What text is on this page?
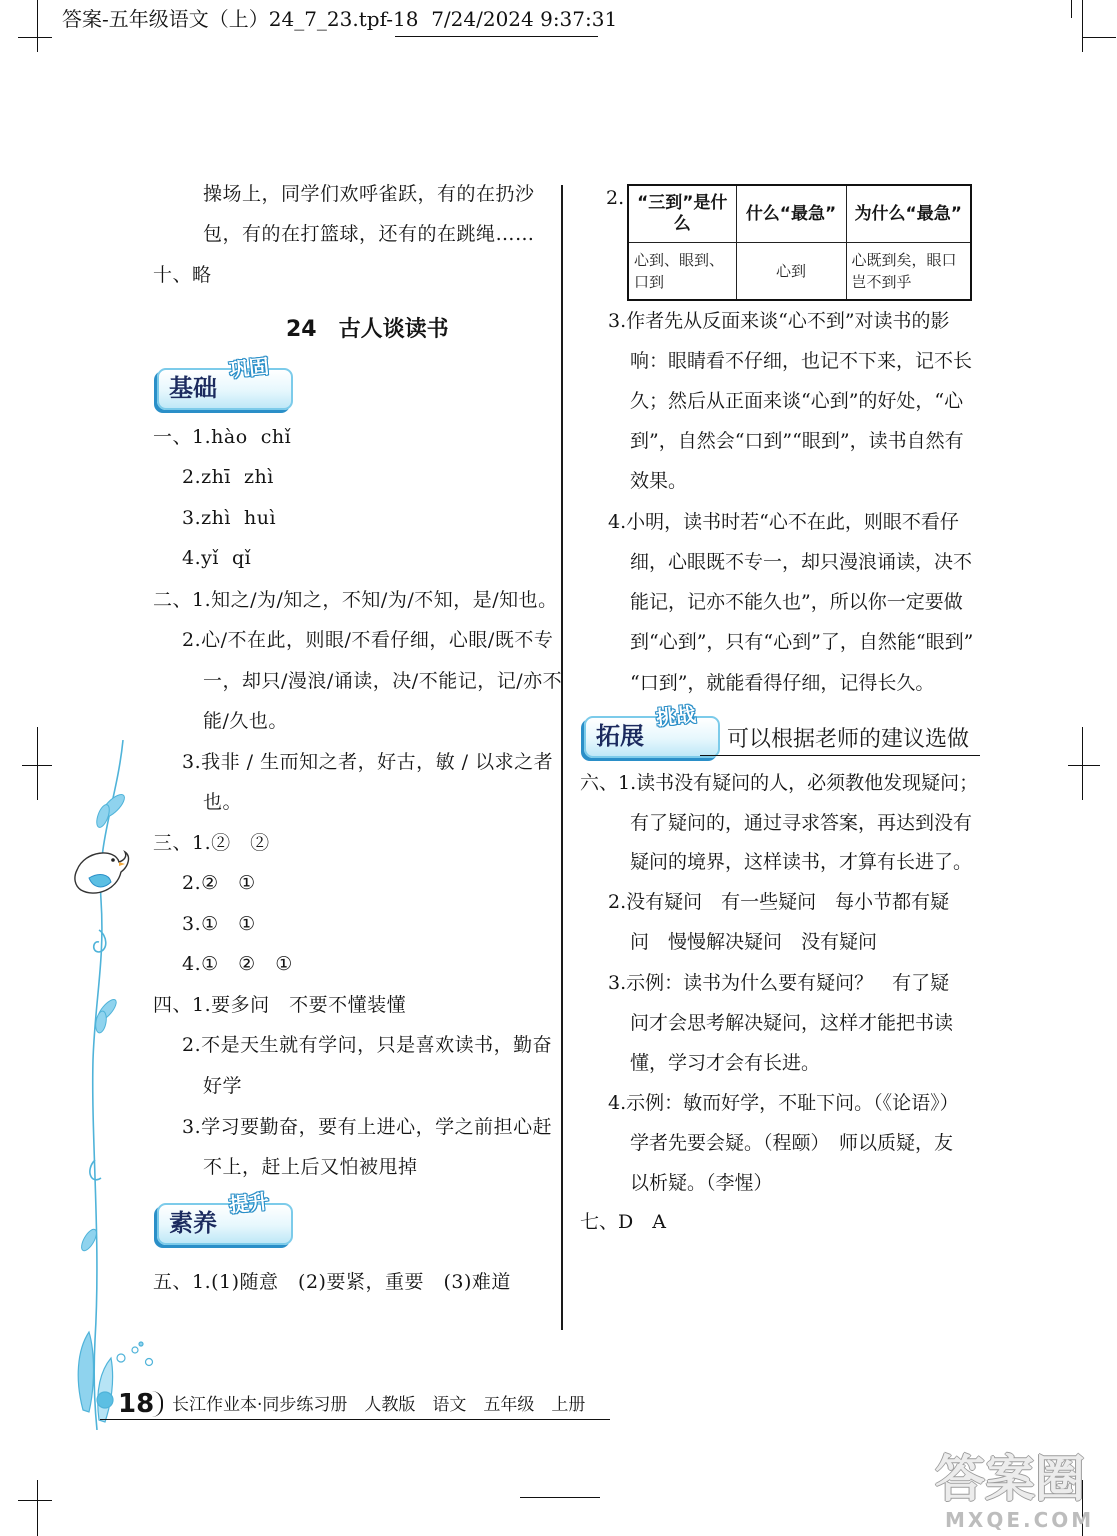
答案-五年级语文（上）24_7_23.tpf-18  7/24/2024 9:37:31
操场上，同学们欢呼雀跃，有的在扔沙
包，有的在打篮球，还有的在跳绳……
十、略
24　古人谈读书
基础
巩固
一、1.hào  chǐ
2.zhī  zhì
3.zhì  huì
4.yǐ  qǐ
二、1.知之/为/知之，不知/为/不知，是/知也。
2.心/不在此，则眼/不看仔细，心眼/既不专
一，却只/漫浪/诵读，决/不能记，记/亦不
能/久也。
3.我非 / 生而知之者，好古，敏 / 以求之者
也。
三、1.②　②
2.②　①
3.①　①
4.①　②　①
四、1.要多问　不要不懂装懂
2.不是天生就有学问，只是喜欢读书，勤奋
好学
3.学习要勤奋，要有上进心，学之前担心赶
不上，赶上后又怕被甩掉
素养
提升
五、1.(1)随意　(2)要紧，重要　(3)难道
2. “三到”是什么	什么“最急”	为什么“最急”
心到、眼到、口到	心到	心既到矣，眼口岂不到乎
3.作者先从反面来谈“心不到”对读书的影
响：眼睛看不仔细，也记不下来，记不长
久；然后从正面来谈“心到”的好处，“心
到”，自然会“口到”“眼到”，读书自然有
效果。
4.小明，读书时若“心不在此，则眼不看仔
细，心眼既不专一，却只漫浪诵读，决不
能记，记亦不能久也”，所以你一定要做
到“心到”，只有“心到”了，自然能“眼到”
“口到”，就能看得仔细，记得长久。
拓展
挑战
可以根据老师的建议选做
六、1.读书没有疑问的人，必须教他发现疑问；
有了疑问的，通过寻求答案，再达到没有
疑问的境界，这样读书，才算有长进了。
2.没有疑问　有一些疑问　每小节都有疑
问　慢慢解决疑问　没有疑问
3.示例：读书为什么要有疑问？　有了疑
问才会思考解决疑问，这样才能把书读
懂，学习才会有长进。
4.示例：敏而好学，不耻下问。（《论语》）
学者先要会疑。（程颐）　师以质疑，友
以析疑。（李惺）
七、D　A
18 长江作业本·同步练习册　人教版　语文　五年级　上册
答案圈
MXQE.COM
